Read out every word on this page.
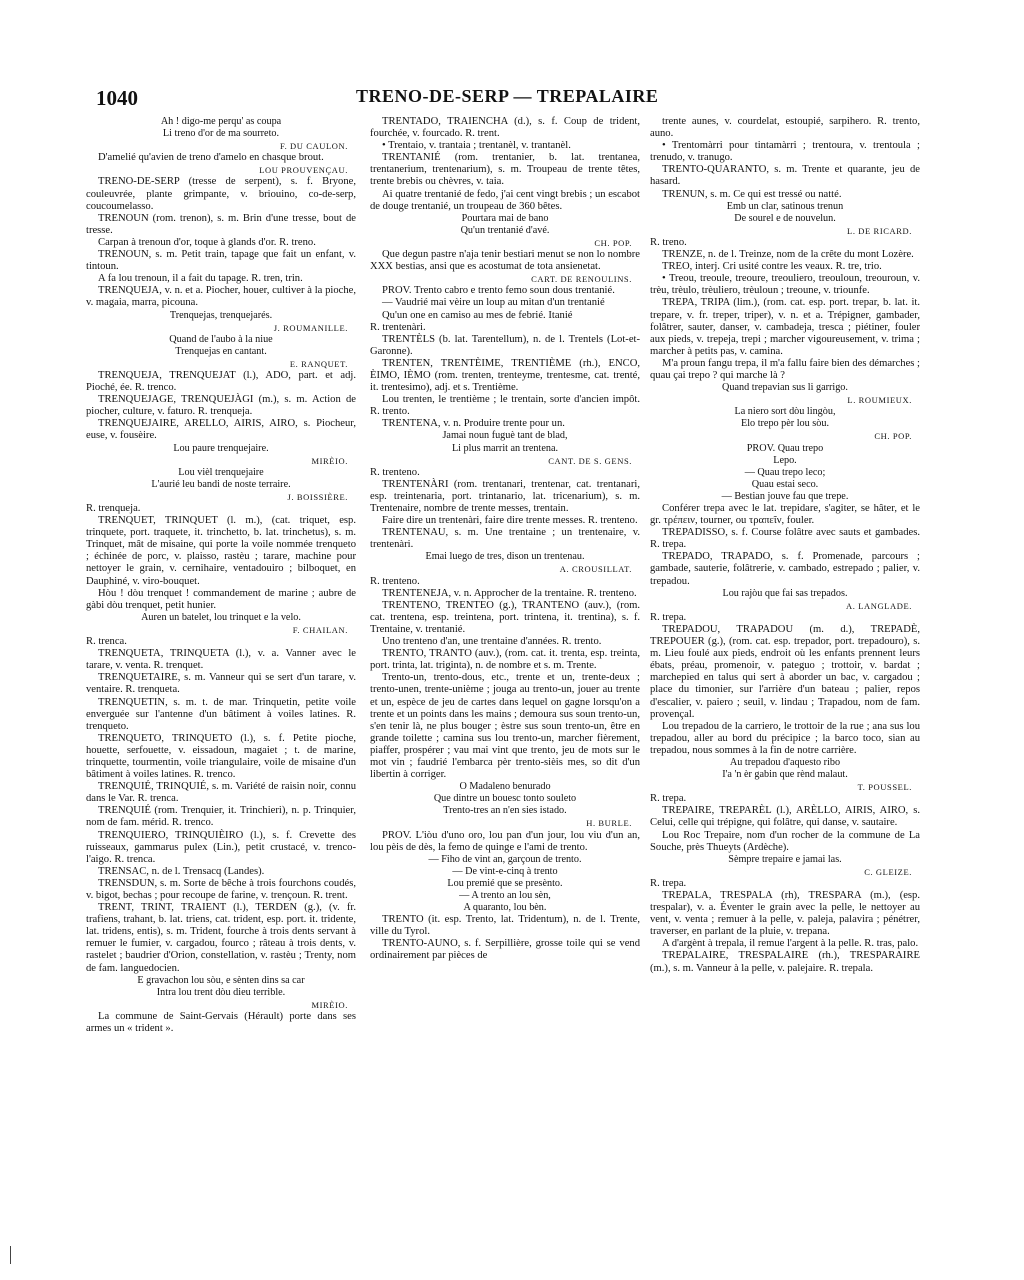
1040	TRENO-DE-SERP — TREPALAIRE

Ah ! digo-me perqu' as coupa

Li treno d'or de ma sourreto.

F. DU CAULON.

D'amelié qu'avien de treno d'amelo en chasque brout.

LOU PROUVENÇAU.

TRENO-DE-SERP (tresse de serpent), s. f. Bryone, couleuvrée, plante grimpante, v. briouino, co-de-serp, coucoumelasso.

TRENOUN (rom. trenon), s. m. Brin d'une tresse, bout de tresse.

Carpan à trenoun d'or, toque à glands d'or. R. treno.

TRENOUN, s. m. Petit train, tapage que fait un enfant, v. tintoun.

A fa lou trenoun, il a fait du tapage. R. tren, trin.

TRENQUEJA, v. n. et a. Piocher, houer, cultiver à la pioche, v. magaia, marra, picouna.

Trenquejas, trenquejarés.

J. ROUMANILLE.

Quand de l'aubo à la niue

Trenquejas en cantant.

E. RANQUET.

TRENQUEJA, TRENQUEJAT (l.), ADO, part. et adj. Pioché, ée. R. trenco.

TRENQUEJAGE, TRENQUEJÀGI (m.), s. m. Action de piocher, culture, v. faturo. R. trenqueja.

TRENQUEJAIRE, ARELLO, AIRIS, AIRO, s. Piocheur, euse, v. fousèire.

Lou paure trenquejaire.

MIRÈIO.

Lou vièl trenquejaire

L'aurié leu bandi de noste terraire.

J. BOISSIÈRE.

R. trenqueja.

TRENQUET, TRINQUET (l. m.), (cat. triquet, esp. trinquete, port. traquete, it. trinchetto, b. lat. trinchetus), s. m. Trinquet, mât de misaine, qui porte la voile nommée trenqueto ; échinée de porc, v. plaisso, rastèu ; tarare, machine pour nettoyer le grain, v. cernihaire, ventadouiro ; bilboquet, en Dauphiné, v. viro-bouquet.

Hòu ! dòu trenquet ! commandement de marine ; aubre de gàbi dòu trenquet, petit hunier.

Auren un batelet, lou trinquet e la velo.

F. CHAILAN.

R. trenca.

TRENQUETA, TRINQUETA (l.), v. a. Vanner avec le tarare, v. venta. R. trenquet.

TRENQUETAIRE, s. m. Vanneur qui se sert d'un tarare, v. ventaire. R. trenqueta.

TRENQUETIN, s. m. t. de mar. Trinquetin, petite voile enverguée sur l'antenne d'un bâtiment à voiles latines. R. trenqueto.

TRENQUETO, TRINQUETO (l.), s. f. Petite pioche, houette, serfouette, v. eissadoun, magaiet ; t. de marine, trinquette, tourmentin, voile triangulaire, voile de misaine d'un bâtiment à voiles latines. R. trenco.

TRENQUIÉ, TRINQUIÉ, s. m. Variété de raisin noir, connu dans le Var. R. trenca.

TRENQUIÉ (rom. Trenquier, it. Trinchieri), n. p. Trinquier, nom de fam. mérid. R. trenco.

TRENQUIERO, TRINQUIÈIRO (l.), s. f. Crevette des ruisseaux, gammarus pulex (Lin.), petit crustacé, v. trenco-l'aigo. R. trenca.

TRENSAC, n. de l. Trensacq (Landes).

TRENSDUN, s. m. Sorte de bêche à trois fourchons coudés, v. bigot, bechas ; pour recoupe de farine, v. trençoun. R. trent.

TRENT, TRINT, TRAIENT (l.), TERDEN (g.), (v. fr. trafiens, trahant, b. lat. triens, cat. trident, esp. port. it. tridente, lat. tridens, entis), s. m. Trident, fourche à trois dents servant à remuer le fumier, v. cargadou, fourco ; râteau à trois dents, v. rastelet ; baudrier d'Orion, constellation, v. rastèu ; Trenty, nom de fam. languedocien.

E gravachon lou sòu, e sènten dins sa car

Intra lou trent dòu dieu terrible.

MIRÈIO.

La commune de Saint-Gervais (Hérault) porte dans ses armes un « trident ».

TRENTADO, TRAIENCHA (d.), s. f. Coup de trident, fourchée, v. fourcado. R. trent.

• Trentaio, v. trantaia ; trentanèl, v. trantanèl.

TRENTANIÉ (rom. trentanier, b. lat. trentanea, trentanerium, trentenarium), s. m. Troupeau de trente têtes, trente brebis ou chèvres, v. taia.

Ai quatre trentanié de fedo, j'ai cent vingt brebis ; un escabot de douge trentanié, un troupeau de 360 bêtes.

Pourtara mai de bano

Qu'un trentanié d'avé.

CH. POP.

Que degun pastre n'aja tenir bestiari menut se non lo nombre XXX bestias, ansi que es acostumat de tota ansienetat.

CART. DE RENOULINS.

PROV. Trento cabro e trento femo soun dous trentanié.

— Vaudrié mai vèire un loup au mitan d'un trentanié

Qu'un one en camiso au mes de febrié. Itanié

R. trentenàri.

TRENTÈLS (b. lat. Tarentellum), n. de l. Trentels (Lot-et-Garonne).

TRENTEN, TRENTÈIME, TRENTIÈME (rh.), ENCO, ÈIMO, IÈMO (rom. trenten, trenteyme, trentesme, cat. trenté, it. trentesimo), adj. et s. Trentième.

Lou trenten, le trentième ; le trentain, sorte d'ancien impôt. R. trento.

TRENTENA, v. n. Produire trente pour un.

Jamai noun fuguè tant de blad,

Li plus marrit an trentena.

CANT. DE S. GENS.

R. trenteno.

TRENTENÀRI (rom. trentanari, trentenar, cat. trentanari, esp. treintenaria, port. trintanario, lat. tricenarium), s. m. Trentenaire, nombre de trente messes, trentain.

Faire dire un trentenàri, faire dire trente messes. R. trenteno.

TRENTENAU, s. m. Une trentaine ; un trentenaire, v. trentenàri.

Emai luego de tres, dison un trentenau.

A. CROUSILLAT.

R. trenteno.

TRENTENEJA, v. n. Approcher de la trentaine. R. trenteno.

TRENTENO, TRENTEO (g.), TRANTENO (auv.), (rom. cat. trentena, esp. treintena, port. trintena, it. trentina), s. f. Trentaine, v. trentanié.

Uno trenteno d'an, une trentaine d'années. R. trento.

TRENTO, TRANTO (auv.), (rom. cat. it. trenta, esp. treinta, port. trinta, lat. triginta), n. de nombre et s. m. Trente.

Trento-un, trento-dous, etc., trente et un, trente-deux ; trento-unen, trente-unième ; jouga au trento-un, jouer au trente et un, espèce de jeu de cartes dans lequel on gagne lorsqu'on a trente et un points dans les mains ; demoura sus soun trento-un, s'en tenir là, ne plus bouger ; èstre sus soun trento-un, être en grande toilette ; camina sus lou trento-un, marcher fièrement, piaffer, prospérer ; vau mai vint que trento, jeu de mots sur le mot vin ; faudrié l'embarca pèr trento-sièis mes, so dit d'un libertin à corriger.

O Madaleno benurado

Que dintre un bouesc tonto souleto

Trento-tres an n'en sies istado.

H. BURLE.

PROV. L'iòu d'uno oro, lou pan d'un jour, lou viu d'un an, lou pèis de dès, la femo de quinge e l'ami de trento.

— Fiho de vint an, garçoun de trento.

— De vint-e-cinq à trento

Lou premié que se presènto.

— A trento an lou sèn,

A quaranto, lou bèn.

TRENTO (it. esp. Trento, lat. Tridentum), n. de l. Trente, ville du Tyrol.

TRENTO-AUNO, s. f. Serpillière, grosse toile qui se vend ordinairement par pièces de

trente aunes, v. courdelat, estoupié, sarpihero. R. trento, auno.

• Trentomàrri pour tintamàrri ; trentoura, v. trentoula ; trenudo, v. tranugo.

TRENTO-QUARANTO, s. m. Trente et quarante, jeu de hasard.

TRENUN, s. m. Ce qui est tressé ou natté.

Emb un clar, satinous trenun

De sourel e de nouvelun.

L. DE RICARD.

R. treno.

TRENZE, n. de l. Treinze, nom de la crête du mont Lozère.

TREO, interj. Cri usité contre les veaux. R. tre, trio.

• Treou, treoule, treoure, treouliero, treouloun, treouroun, v. trèu, trèulo, trèuliero, trèuloun ; treoune, v. triounfe.

TREPA, TRIPA (lim.), (rom. cat. esp. port. trepar, b. lat. it. trepare, v. fr. treper, triper), v. n. et a. Trépigner, gambader, folâtrer, sauter, danser, v. cambadeja, tresca ; piétiner, fouler aux pieds, v. trepeja, trepi ; marcher vigoureusement, v. trima ; marcher à petits pas, v. camina.

M'a proun fangu trepa, il m'a fallu faire bien des démarches ; quau çai trepo ? qui marche là ?

Quand trepavian sus li garrigo.

L. ROUMIEUX.

La niero sort dòu lingòu,

Elo trepo pèr lou sòu.

CH. POP.

PROV. Quau trepo

Lepo.

— Quau trepo leco;

Quau estai seco.

— Bestian jouve fau que trepe.

Conférer trepa avec le lat. trepidare, s'agiter, se hâter, et le gr. τρέπειν, tourner, ou τραπεῖν, fouler.

TREPADISSO, s. f. Course folâtre avec sauts et gambades. R. trepa.

TREPADO, TRAPADO, s. f. Promenade, parcours ; gambade, sauterie, folâtrerie, v. cambado, estrepado ; palier, v. trepadou.

Lou rajòu que fai sas trepados.

A. LANGLADE.

R. trepa.

TREPADOU, TRAPADOU (m. d.), TREPADÈ, TREPOUER (g.), (rom. cat. esp. trepador, port. trepadouro), s. m. Lieu foulé aux pieds, endroit où les enfants prennent leurs ébats, préau, promenoir, v. pateguo ; trottoir, v. bardat ; marchepied en talus qui sert à aborder un bac, v. cargadou ; place du timonier, sur l'arrière d'un bateau ; palier, repos d'escalier, v. paiero ; seuil, v. lindau ; Trapadou, nom de fam. provençal.

Lou trepadou de la carriero, le trottoir de la rue ; ana sus lou trepadou, aller au bord du précipice ; la barco toco, sian au trepadou, nous sommes à la fin de notre carrière.

Au trepadou d'aquesto ribo

I'a 'n èr gabin que rènd malaut.

T. POUSSEL.

R. trepa.

TREPAIRE, TREPARÈL (l.), ARÈLLO, AIRIS, AIRO, s. Celui, celle qui trépigne, qui folâtre, qui danse, v. sautaire.

Lou Roc Trepaire, nom d'un rocher de la commune de La Souche, près Thueyts (Ardèche).

Sèmpre trepaire e jamai las.

C. GLEIZE.

R. trepa.

TREPALA, TRESPALA (rh), TRESPARA (m.), (esp. trespalar), v. a. Éventer le grain avec la pelle, le nettoyer au vent, v. venta ; remuer à la pelle, v. paleja, palavira ; pénétrer, traverser, en parlant de la pluie, v. trepana.

A d'argènt à trepala, il remue l'argent à la pelle. R. tras, palo.

TREPALAIRE, TRESPALAIRE (rh.), TRESPARAIRE (m.), s. m. Vanneur à la pelle, v. palejaire. R. trepala.
